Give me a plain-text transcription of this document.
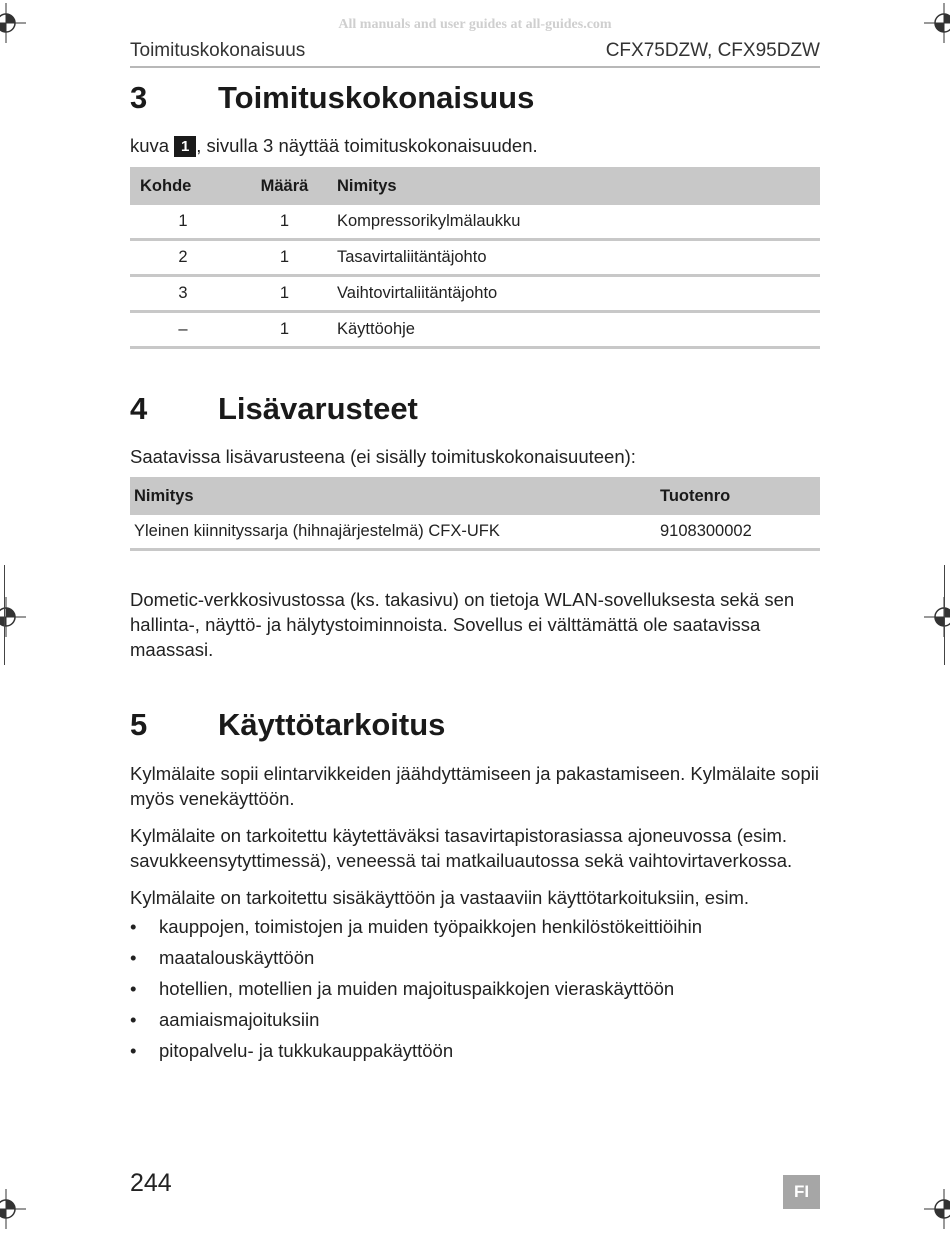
All manuals and user guides at all-guides.com
Toimituskokonaisuus	CFX75DZW, CFX95DZW
3 Toimituskokonaisuus
kuva 1 , sivulla 3 näyttää toimituskokonaisuuden.
Kohde	Määrä	Nimitys
1	1	Kompressorikylmälaukku
2	1	Tasavirtaliitäntäjohto
3	1	Vaihtovirtaliitäntäjohto
–	1	Käyttöohje
4 Lisävarusteet
Saatavissa lisävarusteena (ei sisälly toimituskokonaisuuteen):
Nimitys	Tuotenro
Yleinen kiinnityssarja (hihnajärjestelmä) CFX-UFK	9108300002
Dometic-verkkosivustossa (ks. takasivu) on tietoja WLAN-sovelluksesta sekä sen
hallinta-, näyttö- ja hälytystoiminnoista. Sovellus ei välttämättä ole saatavissa
maassasi.
5 Käyttötarkoitus
Kylmälaite sopii elintarvikkeiden jäähdyttämiseen ja pakastamiseen. Kylmälaite sopii
myös venekäyttöön.
Kylmälaite on tarkoitettu käytettäväksi tasavirtapistorasiassa ajoneuvossa (esim.
savukkeensytyttimessä), veneessä tai matkailuautossa sekä vaihtovirtaverkossa.
Kylmälaite on tarkoitettu sisäkäyttöön ja vastaaviin käyttötarkoituksiin, esim.
• kauppojen, toimistojen ja muiden työpaikkojen henkilöstökeittiöihin
• maatalouskäyttöön
• hotellien, motellien ja muiden majoituspaikkojen vieraskäyttöön
• aamiaismajoituksiin
• pitopalvelu- ja tukkukauppakäyttöön
244	FI
